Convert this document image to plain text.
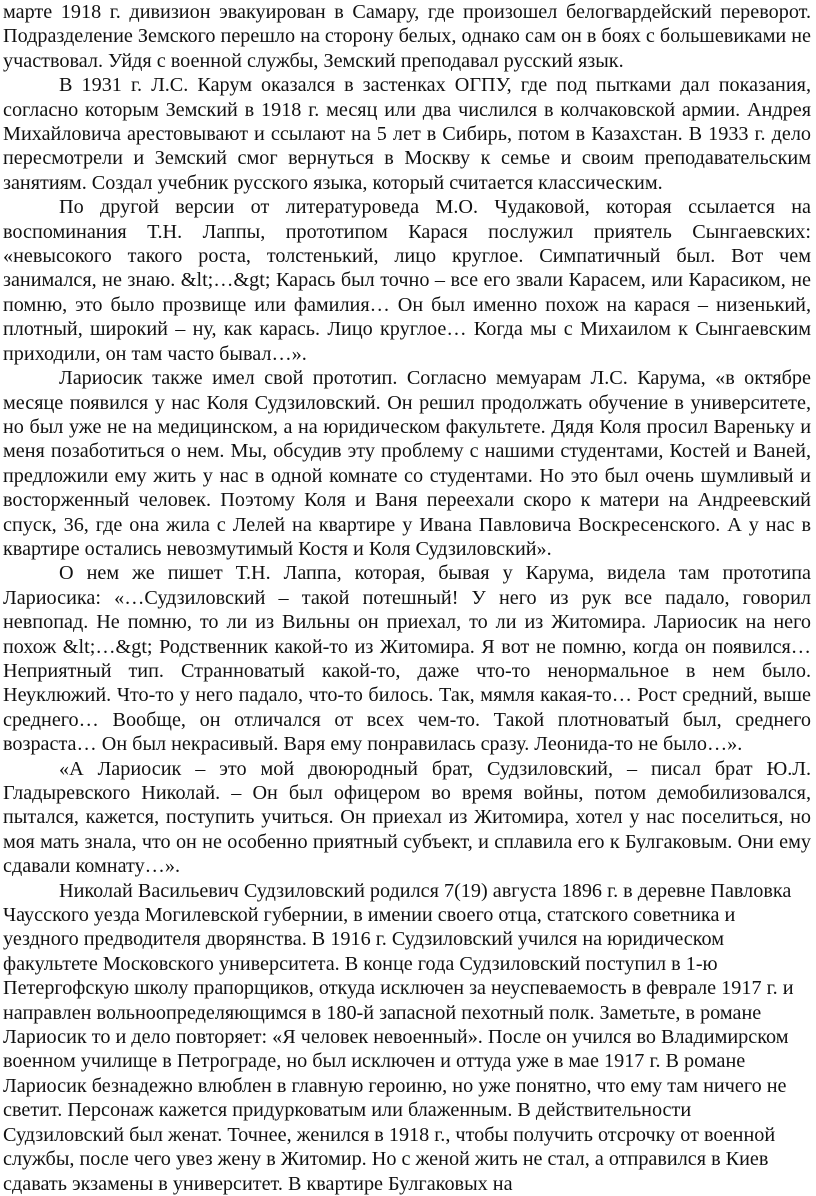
марте 1918 г. дивизион эвакуирован в Самару, где произошел белогвардейский переворот. Подразделение Земского перешло на сторону белых, однако сам он в боях с большевиками не участвовал. Уйдя с военной службы, Земский преподавал русский язык.

В 1931 г. Л.С. Карум оказался в застенках ОГПУ, где под пытками дал показания, согласно которым Земский в 1918 г. месяц или два числился в колчаковской армии. Андрея Михайловича арестовывают и ссылают на 5 лет в Сибирь, потом в Казахстан. В 1933 г. дело пересмотрели и Земский смог вернуться в Москву к семье и своим преподавательским занятиям. Создал учебник русского языка, который считается классическим.

По другой версии от литературоведа М.О. Чудаковой, которая ссылается на воспоминания Т.Н. Лаппы, прототипом Карася послужил приятель Сынгаевских: «невысокого такого роста, толстенький, лицо круглое. Симпатичный был. Вот чем занимался, не знаю. &lt;…&gt; Карась был точно – все его звали Карасем, или Карасиком, не помню, это было прозвище или фамилия… Он был именно похож на карася – низенький, плотный, широкий – ну, как карась. Лицо круглое… Когда мы с Михаилом к Сынгаевским приходили, он там часто бывал…».

Лариосик также имел свой прототип. Согласно мемуарам Л.С. Карума, «в октябре месяце появился у нас Коля Судзиловский. Он решил продолжать обучение в университете, но был уже не на медицинском, а на юридическом факультете. Дядя Коля просил Вареньку и меня позаботиться о нем. Мы, обсудив эту проблему с нашими студентами, Костей и Ваней, предложили ему жить у нас в одной комнате со студентами. Но это был очень шумливый и восторженный человек. Поэтому Коля и Ваня переехали скоро к матери на Андреевский спуск, 36, где она жила с Лелей на квартире у Ивана Павловича Воскресенского. А у нас в квартире остались невозмутимый Костя и Коля Судзиловский».

О нем же пишет Т.Н. Лаппа, которая, бывая у Карума, видела там прототипа Лариосика: «…Судзиловский – такой потешный! У него из рук все падало, говорил невпопад. Не помню, то ли из Вильны он приехал, то ли из Житомира. Лариосик на него похож &lt;…&gt; Родственник какой-то из Житомира. Я вот не помню, когда он появился… Неприятный тип. Странноватый какой-то, даже что-то ненормальное в нем было. Неуклюжий. Что-то у него падало, что-то билось. Так, мямля какая-то… Рост средний, выше среднего… Вообще, он отличался от всех чем-то. Такой плотноватый был, среднего возраста… Он был некрасивый. Варя ему понравилась сразу. Леонида-то не было…».

«А Лариосик – это мой двоюродный брат, Судзиловский, – писал брат Ю.Л. Гладыревского Николай. – Он был офицером во время войны, потом демобилизовался, пытался, кажется, поступить учиться. Он приехал из Житомира, хотел у нас поселиться, но моя мать знала, что он не особенно приятный субъект, и сплавила его к Булгаковым. Они ему сдавали комнату…».

Николай Васильевич Судзиловский родился 7(19) августа 1896 г. в деревне Павловка Чаусского уезда Могилевской губернии, в имении своего отца, статского советника и уездного предводителя дворянства. В 1916 г. Судзиловский учился на юридическом факультете Московского университета. В конце года Судзиловский поступил в 1-ю Петергофскую школу прапорщиков, откуда исключен за неуспеваемость в феврале 1917 г. и направлен вольноопределяющимся в 180-й запасной пехотный полк. Заметьте, в романе Лариосик то и дело повторяет: «Я человек невоенный». После он учился во Владимирском военном училище в Петрограде, но был исключен и оттуда уже в мае 1917 г. В романе Лариосик безнадежно влюблен в главную героиню, но уже понятно, что ему там ничего не светит. Персонаж кажется придурковатым или блаженным. В действительности Судзиловский был женат. Точнее, женился в 1918 г., чтобы получить отсрочку от военной службы, после чего увез жену в Житомир. Но с женой жить не стал, а отправился в Киев сдавать экзамены в университет. В квартире Булгаковых на
